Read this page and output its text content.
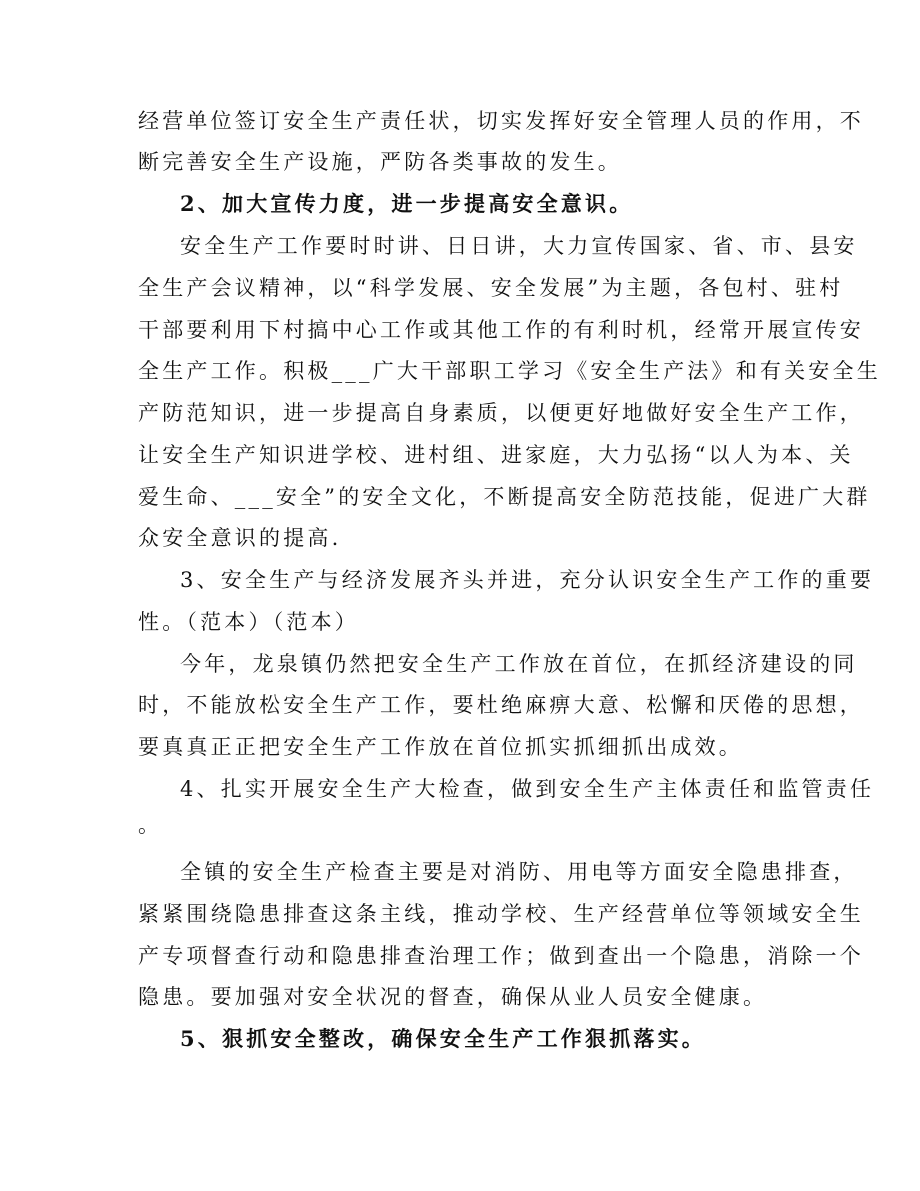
经营单位签订安全生产责任状，切实发挥好安全管理人员的作用，不
断完善安全生产设施，严防各类事故的发生。
2、加大宣传力度，进一步提高安全意识。
安全生产工作要时时讲、日日讲，大力宣传国家、省、市、县安
全生产会议精神，以“科学发展、安全发展”为主题，各包村、驻村
干部要利用下村搞中心工作或其他工作的有利时机，经常开展宣传安
全生产工作。积极___广大干部职工学习《安全生产法》和有关安全生
产防范知识，进一步提高自身素质，以便更好地做好安全生产工作，
让安全生产知识进学校、进村组、进家庭，大力弘扬“以人为本、关
爱生命、___安全”的安全文化，不断提高安全防范技能，促进广大群
众安全意识的提高.
3、安全生产与经济发展齐头并进，充分认识安全生产工作的重要
性。（范本）（范本）
今年，龙泉镇仍然把安全生产工作放在首位，在抓经济建设的同
时，不能放松安全生产工作，要杜绝麻痹大意、松懈和厌倦的思想，
要真真正正把安全生产工作放在首位抓实抓细抓出成效。
4、扎实开展安全生产大检查，做到安全生产主体责任和监管责任
。
全镇的安全生产检查主要是对消防、用电等方面安全隐患排查，
紧紧围绕隐患排查这条主线，推动学校、生产经营单位等领域安全生
产专项督查行动和隐患排查治理工作；做到查出一个隐患，消除一个
隐患。要加强对安全状况的督查，确保从业人员安全健康。
5、狠抓安全整改，确保安全生产工作狠抓落实。
